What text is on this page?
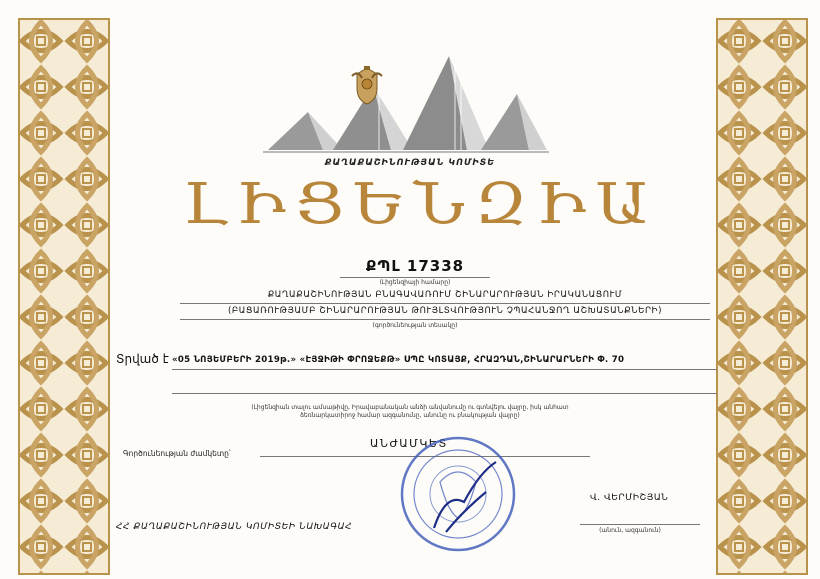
ՔԱՂԱՔԱՇԻՆՈՒԹՅԱՆ ԿՈՄԻՏԵ
ԼԻՑԵՆԶԻԱ
ՔՊԼ 17338
(Լիցենզիայի համարը)
ՔԱՂԱՔԱՇԻՆՈՒԹՅԱՆ ԲՆԱԳԱՎԱՌՈՒՄ ՇԻՆԱՐԱՐՈՒԹՅԱՆ ԻՐԱԿԱՆԱՑՈՒՄ
(ԲԱՑԱՌՈՒԹՅԱՄԲ ՇԻՆԱՐԱՐՈՒԹՅԱՆ ԹՈՒՅԼՏՎՈՒԹՅՈՒՆ ՉՊԱՀԱՆՋՈՂ ԱՇԽԱՏԱՆՔՆԵՐԻ)
(գործունեության տեսակը)
Տրված է «05 ՆՈՅԵՄԲԵՐԻ 2019թ.» «ԷՅՋԻԹԻ ՓՐՈՋԵՔԹ» ՍՊԸ ԿՈՏԱՅՔ, ՀՐԱԶԴԱՆ,ՇԻՆԱՐԱՐՆԵՐԻ Փ. 70
(Լիցենզիան տալու ամսաթիվը, Իրավաբանական անձի անվանումը ու գտնվելու վայրը, իսկ անհատ
ձեռնարկատիրոջ համար ազգանունը, անունը ու բնակության վայրը)
Գործունեության ժամկետը՝
ԱՆԺԱՄԿԵՏ
Վ. ՎԵՐՄԻՇՅԱՆ
(անուն, ազգանուն)
ՀՀ ՔԱՂԱՔԱՇԻՆՈՒԹՅԱՆ ԿՈՄԻՏԵԻ ՆԱԽԱԳԱՀ
